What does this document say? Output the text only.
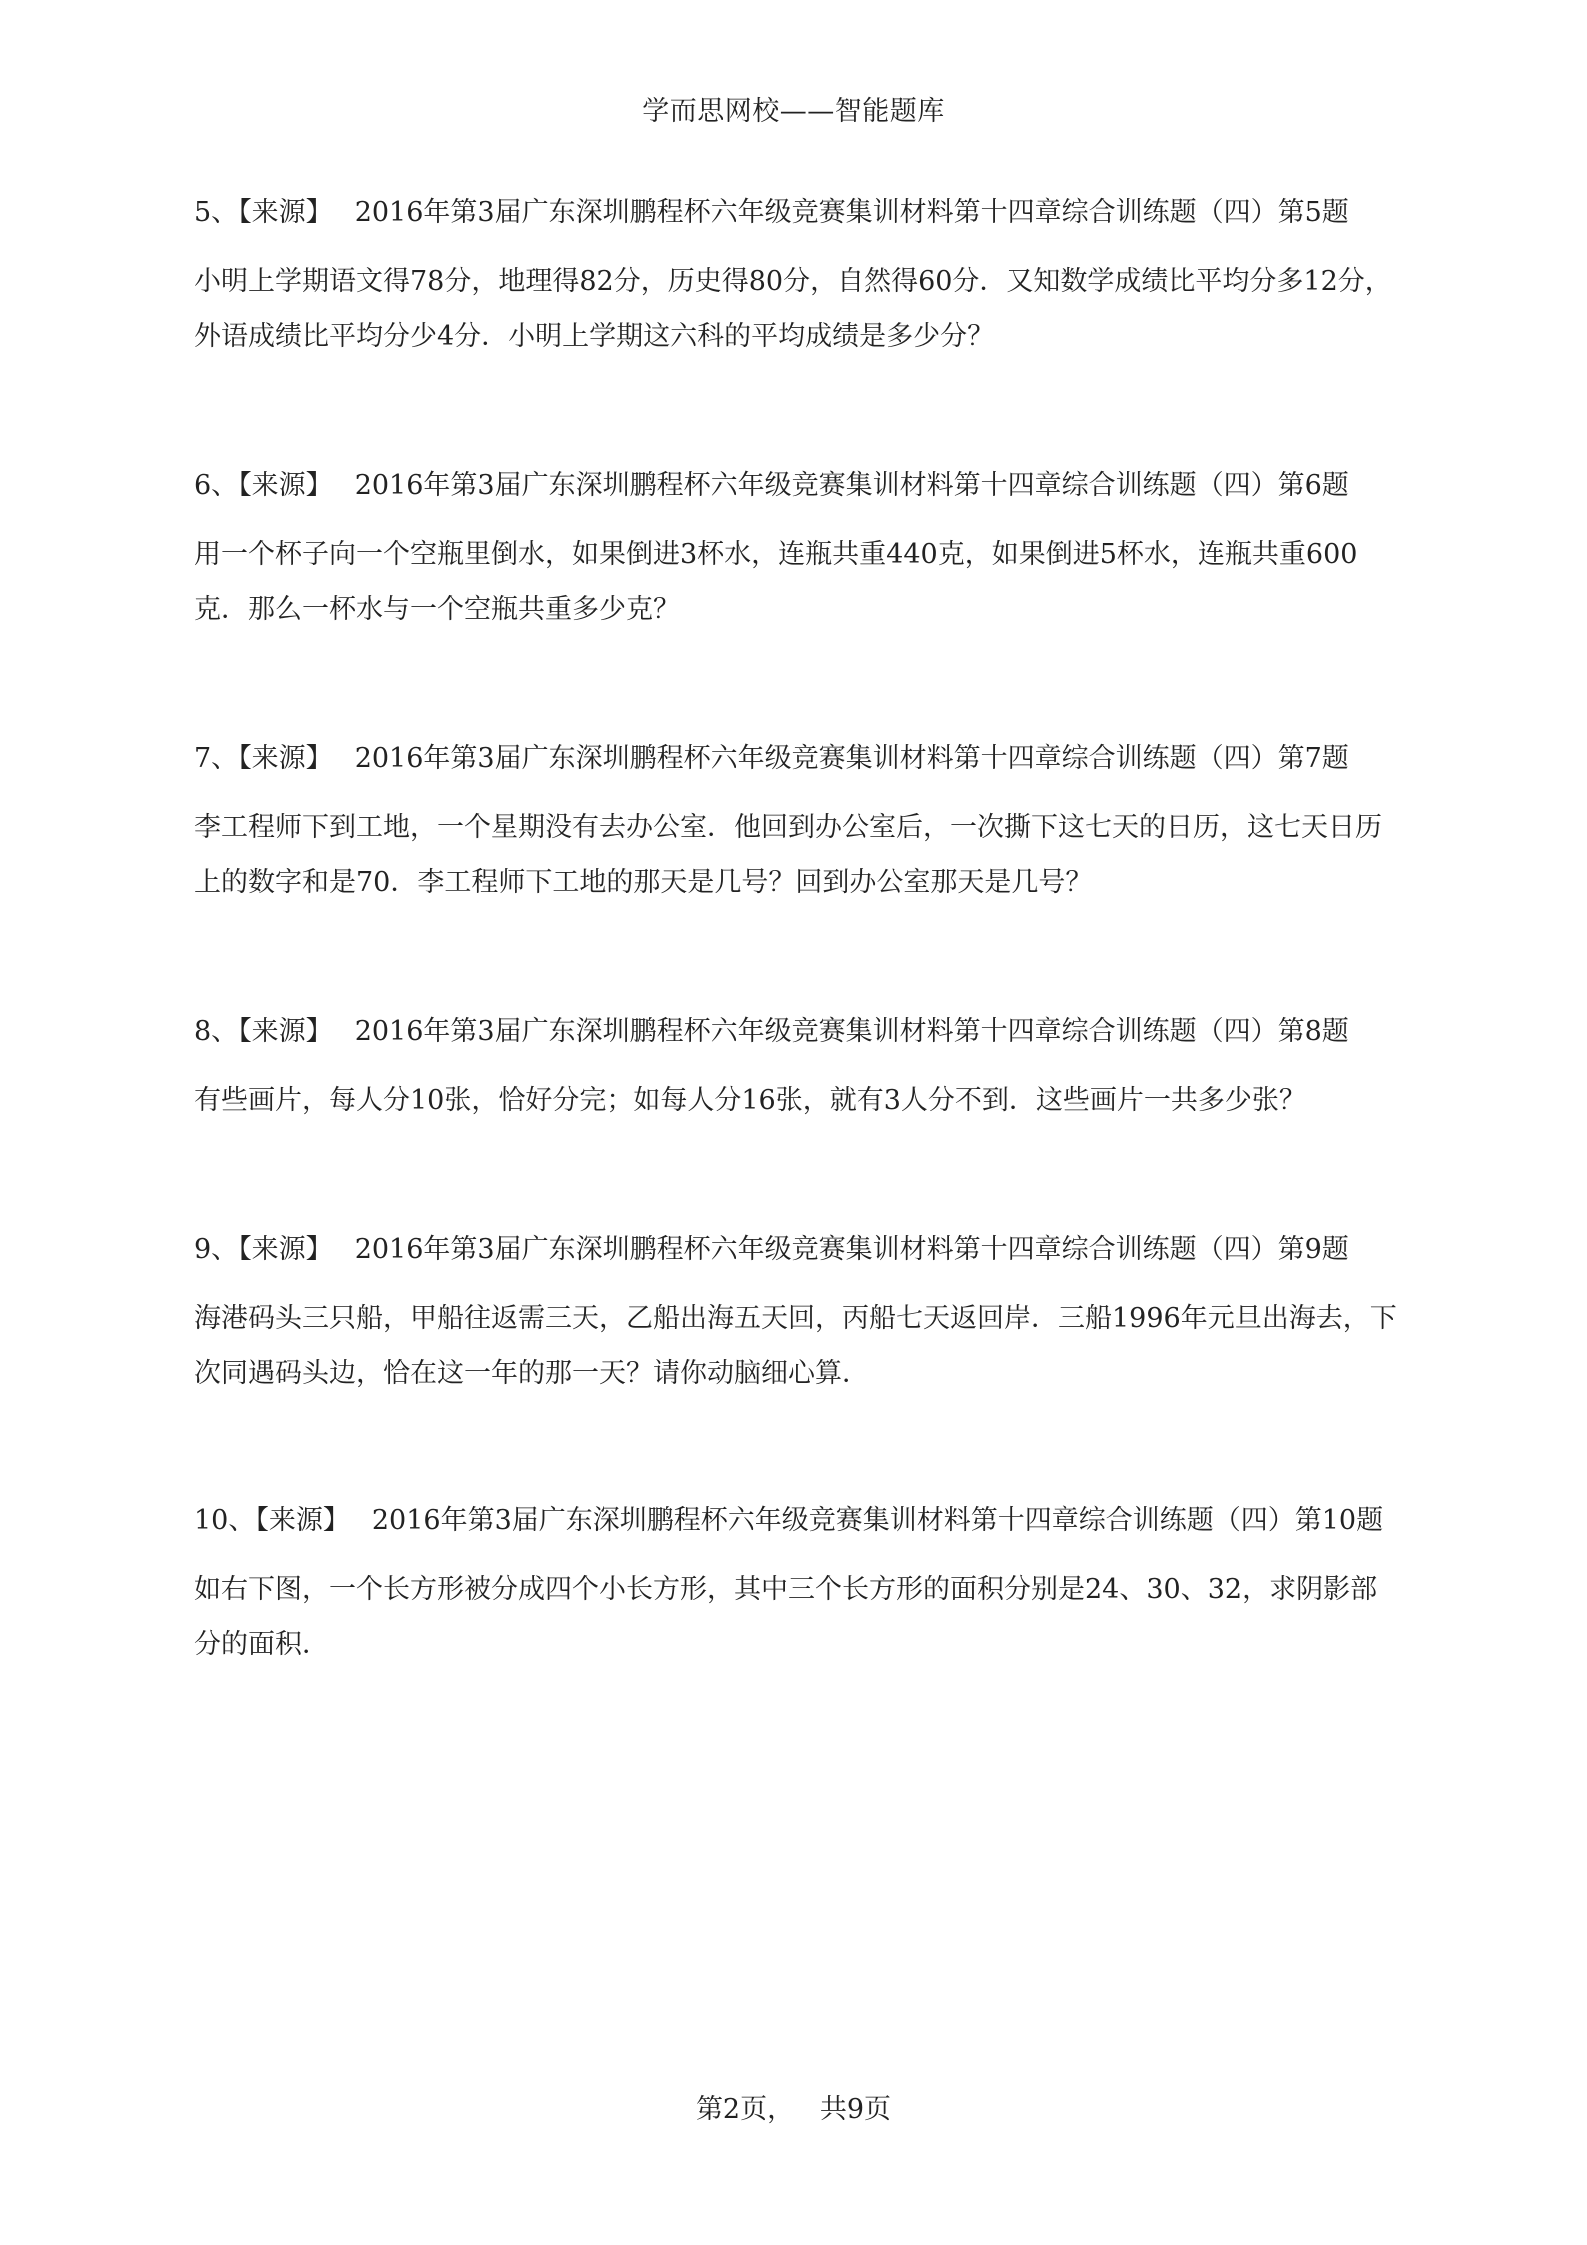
学而思网校——智能题库

5、【来源】 2016年第3届广东深圳鹏程杯六年级竞赛集训材料第十四章综合训练题（四）第5题

小明上学期语文得78分，地理得82分，历史得80分，自然得60分．又知数学成绩比平均分多12分，外语成绩比平均分少4分．小明上学期这六科的平均成绩是多少分？

6、【来源】 2016年第3届广东深圳鹏程杯六年级竞赛集训材料第十四章综合训练题（四）第6题

用一个杯子向一个空瓶里倒水，如果倒进3杯水，连瓶共重440克，如果倒进5杯水，连瓶共重600克．那么一杯水与一个空瓶共重多少克？

7、【来源】 2016年第3届广东深圳鹏程杯六年级竞赛集训材料第十四章综合训练题（四）第7题

李工程师下到工地，一个星期没有去办公室．他回到办公室后，一次撕下这七天的日历，这七天日历上的数字和是70．李工程师下工地的那天是几号？回到办公室那天是几号？

8、【来源】 2016年第3届广东深圳鹏程杯六年级竞赛集训材料第十四章综合训练题（四）第8题

有些画片，每人分10张，恰好分完；如每人分16张，就有3人分不到．这些画片一共多少张？

9、【来源】 2016年第3届广东深圳鹏程杯六年级竞赛集训材料第十四章综合训练题（四）第9题

海港码头三只船，甲船往返需三天，乙船出海五天回，丙船七天返回岸．三船1996年元旦出海去，下次同遇码头边，恰在这一年的那一天？请你动脑细心算．

10、【来源】 2016年第3届广东深圳鹏程杯六年级竞赛集训材料第十四章综合训练题（四）第10题

如右下图，一个长方形被分成四个小长方形，其中三个长方形的面积分别是24、30、32，求阴影部分的面积．

第2页，   共9页
